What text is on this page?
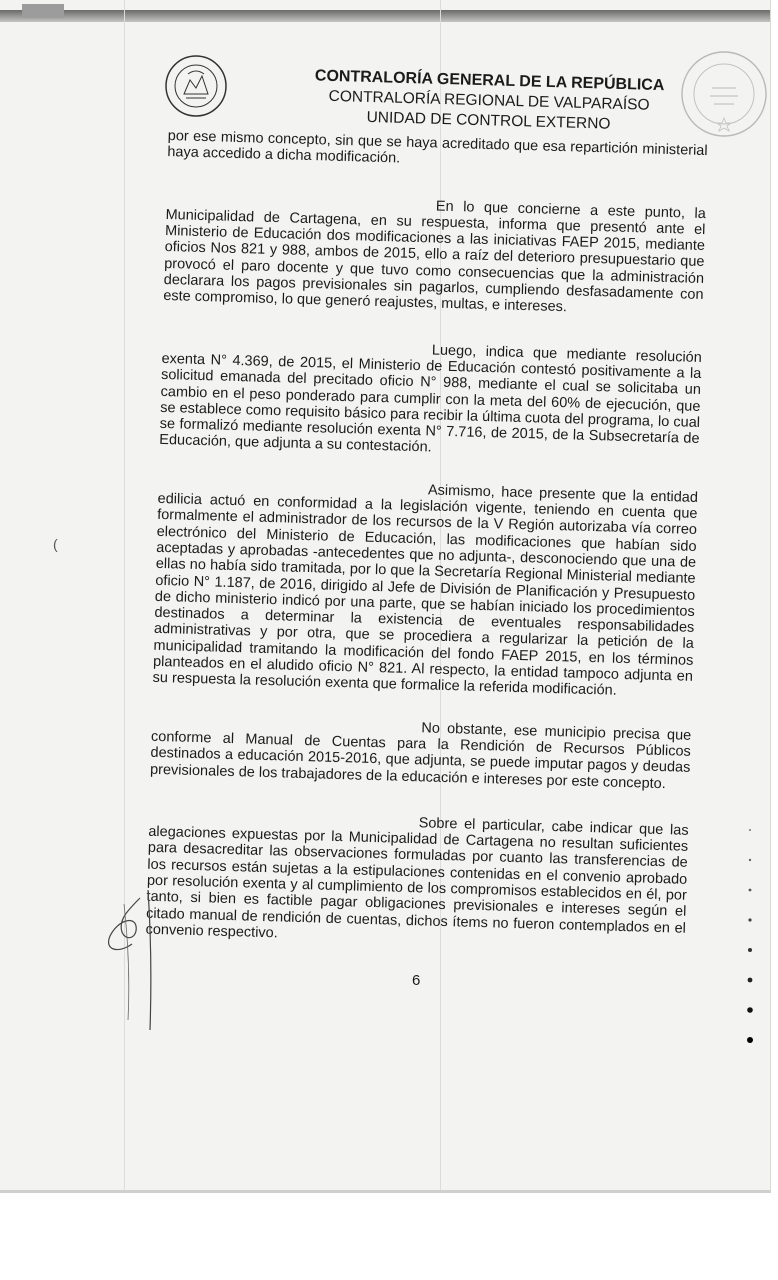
CONTRALORÍA GENERAL DE LA REPÚBLICA
CONTRALORÍA REGIONAL DE VALPARAÍSO
UNIDAD DE CONTROL EXTERNO

por ese mismo concepto, sin que se haya acreditado que esa repartición ministerial haya accedido a dicha modificación.

En lo que concierne a este punto, la Municipalidad de Cartagena, en su respuesta, informa que presentó ante el Ministerio de Educación dos modificaciones a las iniciativas FAEP 2015, mediante oficios Nos 821 y 988, ambos de 2015, ello a raíz del deterioro presupuestario que provocó el paro docente y que tuvo como consecuencias que la administración declarara los pagos previsionales sin pagarlos, cumpliendo desfasadamente con este compromiso, lo que generó reajustes, multas, e intereses.

Luego, indica que mediante resolución exenta N° 4.369, de 2015, el Ministerio de Educación contestó positivamente a la solicitud emanada del precitado oficio N° 988, mediante el cual se solicitaba un cambio en el peso ponderado para cumplir con la meta del 60% de ejecución, que se establece como requisito básico para recibir la última cuota del programa, lo cual se formalizó mediante resolución exenta N° 7.716, de 2015, de la Subsecretaría de Educación, que adjunta a su contestación.

Asimismo, hace presente que la entidad edilicia actuó en conformidad a la legislación vigente, teniendo en cuenta que formalmente el administrador de los recursos de la V Región autorizaba vía correo electrónico del Ministerio de Educación, las modificaciones que habían sido aceptadas y aprobadas -antecedentes que no adjunta-, desconociendo que una de ellas no había sido tramitada, por lo que la Secretaría Regional Ministerial mediante oficio N° 1.187, de 2016, dirigido al Jefe de División de Planificación y Presupuesto de dicho ministerio indicó por una parte, que se habían iniciado los procedimientos destinados a determinar la existencia de eventuales responsabilidades administrativas y por otra, que se procediera a regularizar la petición de la municipalidad tramitando la modificación del fondo FAEP 2015, en los términos planteados en el aludido oficio N° 821. Al respecto, la entidad tampoco adjunta en su respuesta la resolución exenta que formalice la referida modificación.

No obstante, ese municipio precisa que conforme al Manual de Cuentas para la Rendición de Recursos Públicos destinados a educación 2015-2016, que adjunta, se puede imputar pagos y deudas previsionales de los trabajadores de la educación e intereses por este concepto.

Sobre el particular, cabe indicar que las alegaciones expuestas por la Municipalidad de Cartagena no resultan suficientes para desacreditar las observaciones formuladas por cuanto las transferencias de los recursos están sujetas a la estipulaciones contenidas en el convenio aprobado por resolución exenta y al cumplimiento de los compromisos establecidos en él, por tanto, si bien es factible pagar obligaciones previsionales e intereses según el citado manual de rendición de cuentas, dichos ítems no fueron contemplados en el convenio respectivo.

(
6
